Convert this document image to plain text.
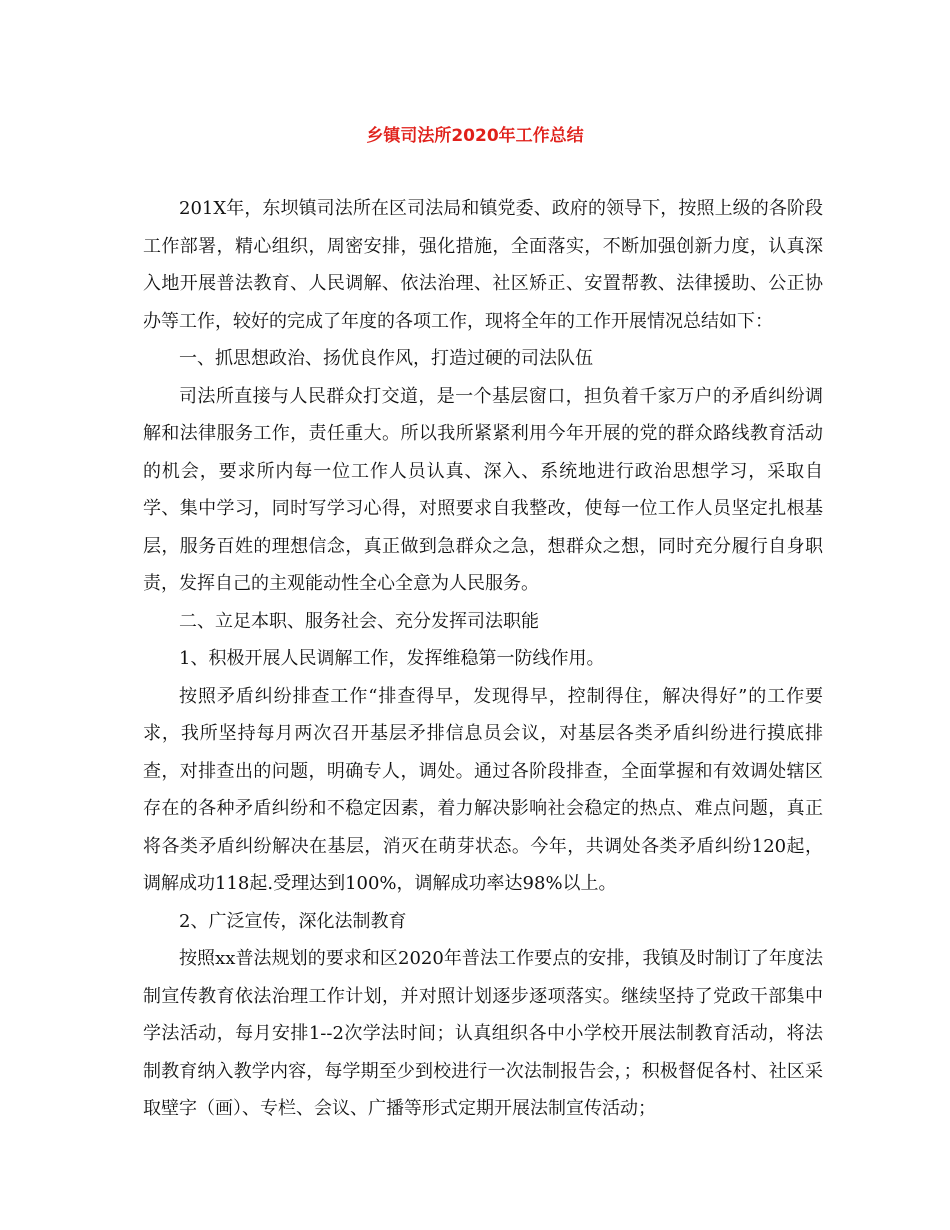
乡镇司法所2020年工作总结

201X年，东坝镇司法所在区司法局和镇党委、政府的领导下，按照上级的各阶段工作部署，精心组织，周密安排，强化措施，全面落实，不断加强创新力度，认真深入地开展普法教育、人民调解、依法治理、社区矫正、安置帮教、法律援助、公正协办等工作，较好的完成了年度的各项工作，现将全年的工作开展情况总结如下：

一、抓思想政治、扬优良作风，打造过硬的司法队伍

司法所直接与人民群众打交道，是一个基层窗口，担负着千家万户的矛盾纠纷调解和法律服务工作，责任重大。所以我所紧紧利用今年开展的党的群众路线教育活动的机会，要求所内每一位工作人员认真、深入、系统地进行政治思想学习，采取自学、集中学习，同时写学习心得，对照要求自我整改，使每一位工作人员坚定扎根基层，服务百姓的理想信念，真正做到急群众之急，想群众之想，同时充分履行自身职责，发挥自己的主观能动性全心全意为人民服务。

二、立足本职、服务社会、充分发挥司法职能

1、积极开展人民调解工作，发挥维稳第一防线作用。

按照矛盾纠纷排查工作“排查得早，发现得早，控制得住，解决得好”的工作要求，我所坚持每月两次召开基层矛排信息员会议，对基层各类矛盾纠纷进行摸底排查，对排查出的问题，明确专人，调处。通过各阶段排查，全面掌握和有效调处辖区存在的各种矛盾纠纷和不稳定因素，着力解决影响社会稳定的热点、难点问题，真正将各类矛盾纠纷解决在基层，消灭在萌芽状态。今年，共调处各类矛盾纠纷120起，调解成功118起.受理达到100%，调解成功率达98%以上。

2、广泛宣传，深化法制教育

按照xx普法规划的要求和区2020年普法工作要点的安排，我镇及时制订了年度法制宣传教育依法治理工作计划，并对照计划逐步逐项落实。继续坚持了党政干部集中学法活动，每月安排1--2次学法时间；认真组织各中小学校开展法制教育活动，将法制教育纳入教学内容，每学期至少到校进行一次法制报告会，；积极督促各村、社区采取壁字（画）、专栏、会议、广播等形式定期开展法制宣传活动；
